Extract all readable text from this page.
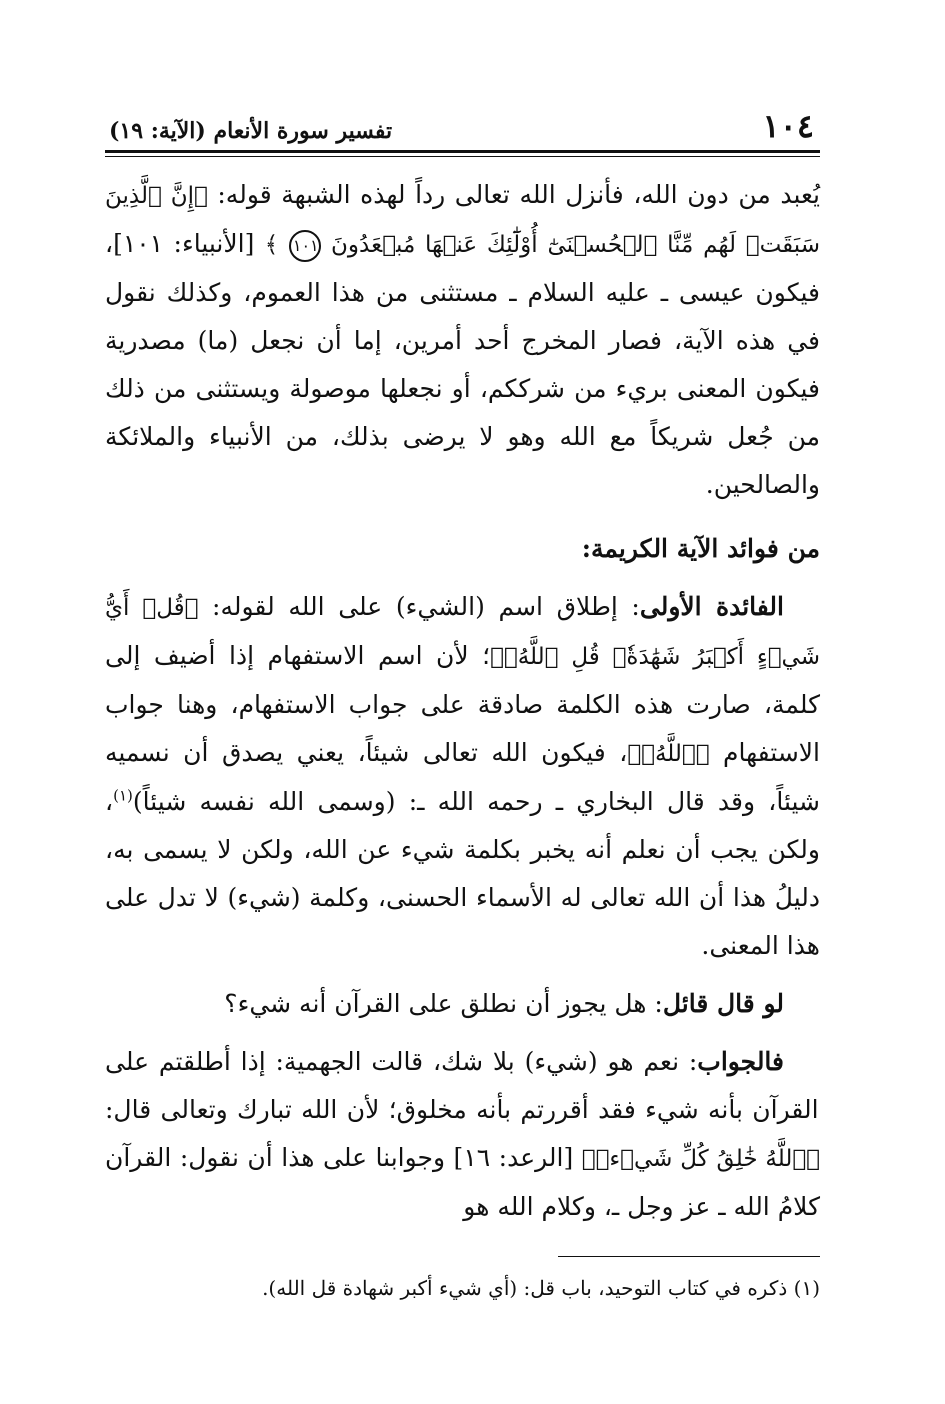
١٠٤
تفسير سورة الأنعام (الآية: ١٩)

يُعبد من دون الله، فأنزل الله تعالى رداً لهذه الشبهة قوله: ﴿إِنَّ ٱلَّذِينَ سَبَقَتۡ لَهُم مِّنَّا ٱلۡحُسۡنَىٰٓ أُوْلَٰٓئِكَ عَنۡهَا مُبۡعَدُونَ ١٠١ ﴾ [الأنبياء: ١٠١]، فيكون عيسى ـ عليه السلام ـ مستثنى من هذا العموم، وكذلك نقول في هذه الآية، فصار المخرج أحد أمرين، إما أن نجعل (ما) مصدرية فيكون المعنى بريء من شرككم، أو نجعلها موصولة ويستثنى من ذلك من جُعل شريكاً مع الله وهو لا يرضى بذلك، من الأنبياء والملائكة والصالحين.

من فوائد الآية الكريمة:

الفائدة الأولى: إطلاق اسم (الشيء) على الله لقوله: ﴿قُلۡ أَيُّ شَيۡءٍ أَكۡبَرُ شَهَٰدَةٗۖ قُلِ ٱللَّهُۖ﴾؛ لأن اسم الاستفهام إذا أضيف إلى كلمة، صارت هذه الكلمة صادقة على جواب الاستفهام، وهنا جواب الاستفهام ﴿ٱللَّهُۖ﴾، فيكون الله تعالى شيئاً، يعني يصدق أن نسميه شيئاً، وقد قال البخاري ـ رحمه الله ـ: (وسمى الله نفسه شيئاً)$^{(١)}$، ولكن يجب أن نعلم أنه يخبر بكلمة شيء عن الله، ولكن لا يسمى به، دليلُ هذا أن الله تعالى له الأسماء الحسنى، وكلمة (شيء) لا تدل على هذا المعنى.

لو قال قائل: هل يجوز أن نطلق على القرآن أنه شيء؟

فالجواب: نعم هو (شيء) بلا شك، قالت الجهمية: إذا أطلقتم على القرآن بأنه شيء فقد أقررتم بأنه مخلوق؛ لأن الله تبارك وتعالى قال: ﴿ٱللَّهُ خَٰلِقُ كُلِّ شَيۡءٖ﴾ [الرعد: ١٦] وجوابنا على هذا أن نقول: القرآن كلامُ الله ـ عز وجل ـ، وكلام الله هو

(١) ذكره في كتاب التوحيد، باب قل: (أي شيء أكبر شهادة قل الله).
